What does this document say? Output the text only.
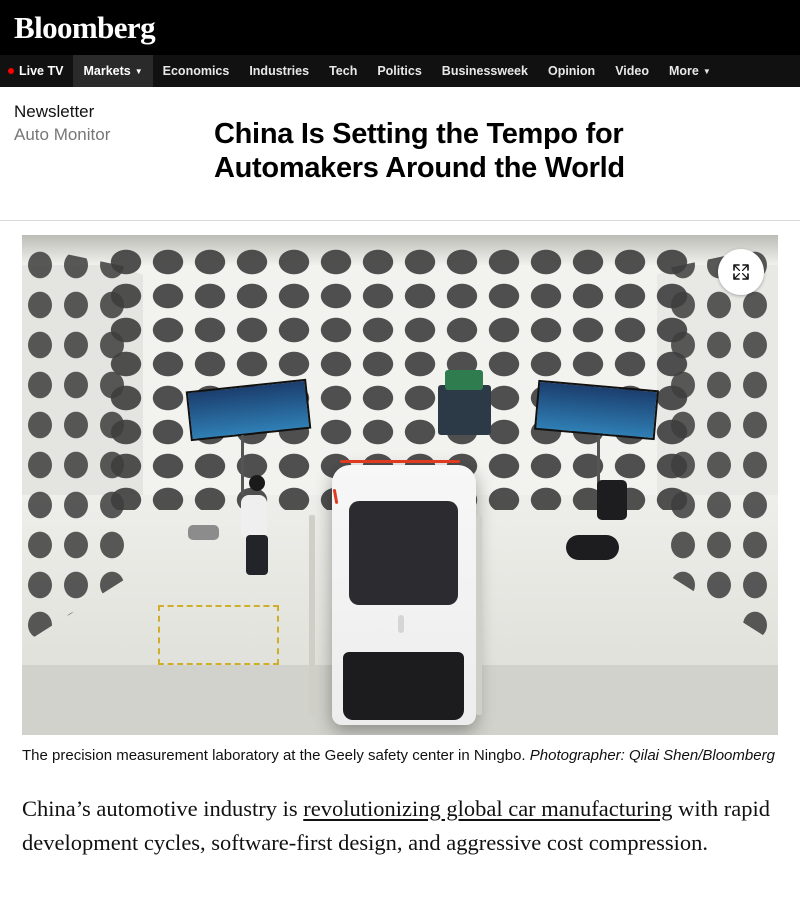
Bloomberg
Live TV Markets ▼ Economics Industries Tech Politics Businessweek Opinion Video More ▼
Newsletter
Auto Monitor	China Is Setting the Tempo for Automakers Around the World
The precision measurement laboratory at the Geely safety center in Ningbo. Photographer: Qilai Shen/Bloomberg
China’s automotive industry is revolutionizing global car manufacturing with rapid development cycles, software-first design, and aggressive cost compression.
